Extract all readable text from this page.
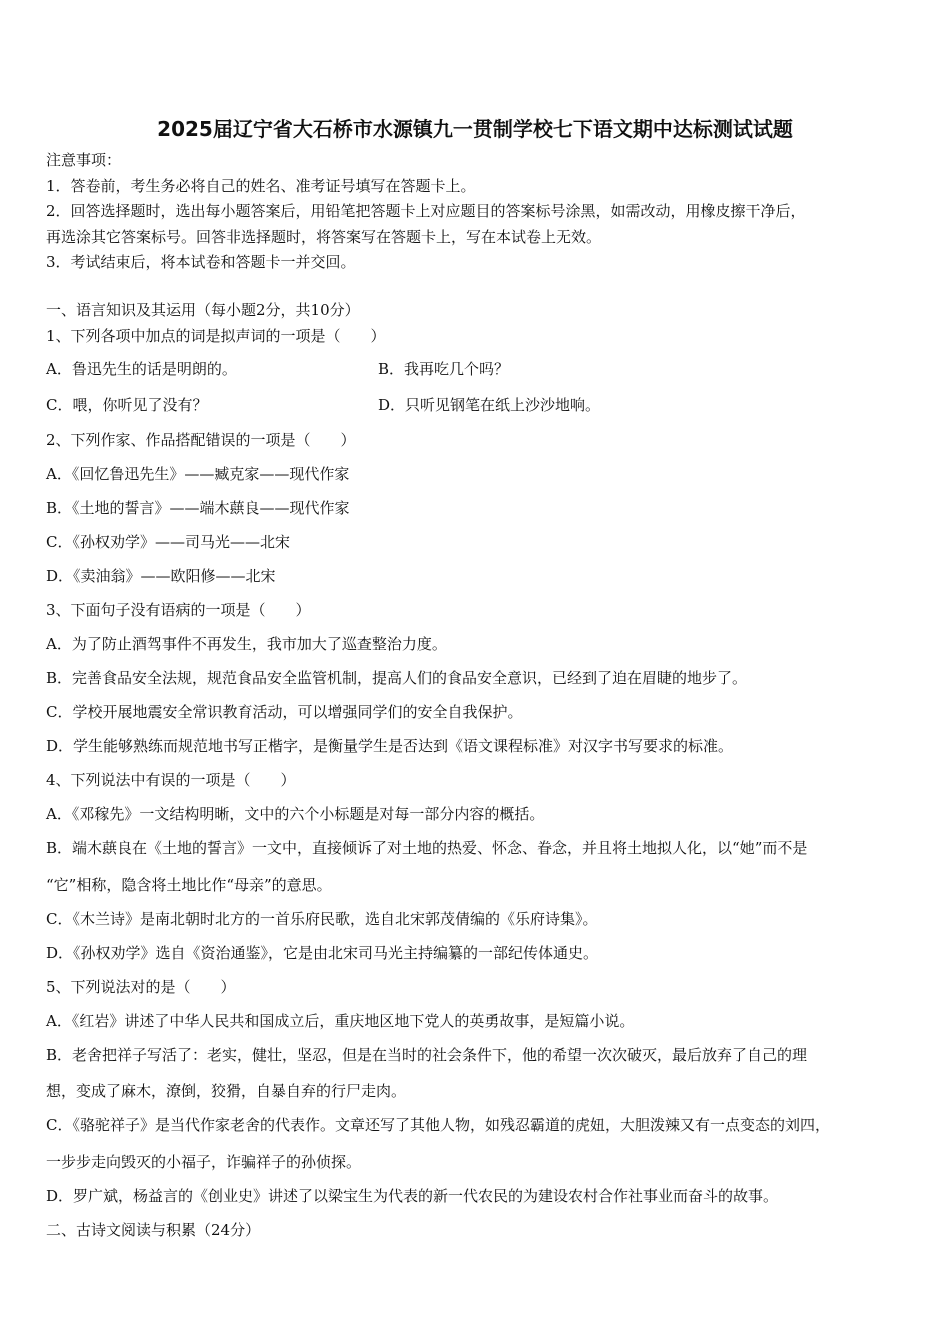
2025届辽宁省大石桥市水源镇九一贯制学校七下语文期中达标测试试题
注意事项：
1．答卷前，考生务必将自己的姓名、准考证号填写在答题卡上。
2．回答选择题时，选出每小题答案后，用铅笔把答题卡上对应题目的答案标号涂黑，如需改动，用橡皮擦干净后，
再选涂其它答案标号。回答非选择题时，将答案写在答题卡上，写在本试卷上无效。
3．考试结束后，将本试卷和答题卡一并交回。
一、语言知识及其运用（每小题2分，共10分）
1、下列各项中加点的词是拟声词的一项是（　　）
A．鲁迅先生的话是明朗的。	B．我再吃几个吗？
C．喂，你听见了没有？	D．只听见钢笔在纸上沙沙地响。
2、下列作家、作品搭配错误的一项是（　　）
A．《回忆鲁迅先生》——臧克家——现代作家
B．《土地的誓言》——端木蕻良——现代作家
C．《孙权劝学》——司马光——北宋
D．《卖油翁》——欧阳修——北宋
3、下面句子没有语病的一项是（　　）
A．为了防止酒驾事件不再发生，我市加大了巡查整治力度。
B．完善食品安全法规，规范食品安全监管机制，提高人们的食品安全意识，已经到了迫在眉睫的地步了。
C．学校开展地震安全常识教育活动，可以增强同学们的安全自我保护。
D．学生能够熟练而规范地书写正楷字，是衡量学生是否达到《语文课程标准》对汉字书写要求的标准。
4、下列说法中有误的一项是（　　）
A．《邓稼先》一文结构明晰，文中的六个小标题是对每一部分内容的概括。
B．端木蕻良在《土地的誓言》一文中，直接倾诉了对土地的热爱、怀念、眷念，并且将土地拟人化，以“她”而不是
“它”相称，隐含将土地比作“母亲”的意思。
C．《木兰诗》是南北朝时北方的一首乐府民歌，选自北宋郭茂倩编的《乐府诗集》。
D．《孙权劝学》选自《资治通鉴》，它是由北宋司马光主持编纂的一部纪传体通史。
5、下列说法对的是（　　）
A．《红岩》讲述了中华人民共和国成立后，重庆地区地下党人的英勇故事，是短篇小说。
B．老舍把祥子写活了：老实，健壮，坚忍，但是在当时的社会条件下，他的希望一次次破灭，最后放弃了自己的理
想，变成了麻木，潦倒，狡猾，自暴自弃的行尸走肉。
C．《骆驼祥子》是当代作家老舍的代表作。文章还写了其他人物，如残忍霸道的虎妞，大胆泼辣又有一点变态的刘四，
一步步走向毁灭的小福子，诈骗祥子的孙侦探。
D．罗广斌，杨益言的《创业史》讲述了以梁宝生为代表的新一代农民的为建设农村合作社事业而奋斗的故事。
二、古诗文阅读与积累（24分）
